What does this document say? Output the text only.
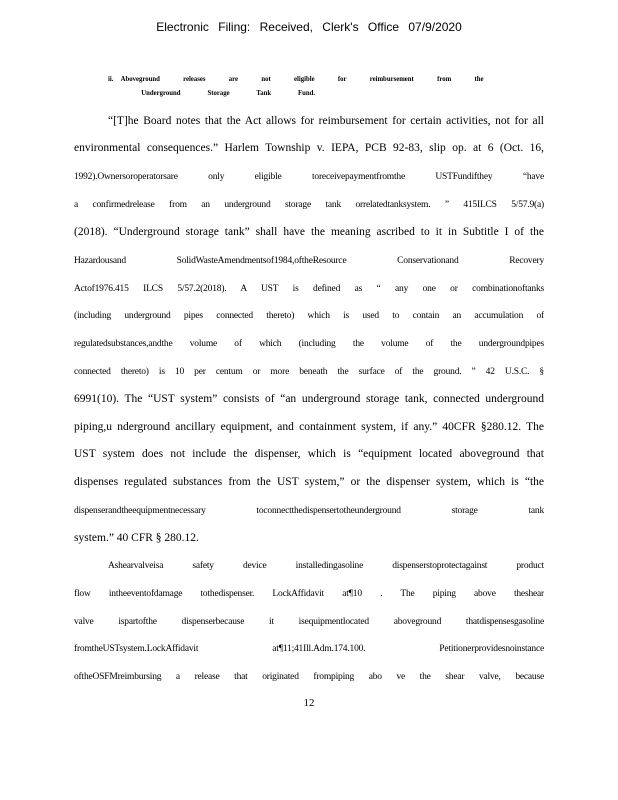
Electronic Filing: Received, Clerk's Office 07/9/2020
ii. Aboveground releases are not eligible for reimbursement from the
Underground Storage Tank Fund.
“[T]he Board notes that the Act allows for reimbursement for certain activities, not for all
environmental consequences.” Harlem Township v. IEPA, PCB 92-83, slip op. at 6 (Oct. 16,
1992).Ownersoroperatorsare only eligible toreceivepaymentfromthe USTFundifthey “have
a confirmedrelease from an underground storage tank orrelatedtanksystem. ” 415ILCS 5/57.9(a)
(2018). “Underground storage tank” shall have the meaning ascribed to it in Subtitle I of the
Hazardousand SolidWasteAmendmentsof1984,oftheResource Conservationand Recovery
Actof1976.415 ILCS 5/57.2(2018). A UST is defined as “ any one or combinationoftanks
(including underground pipes connected thereto) which is used to contain an accumulation of
regulatedsubstances,andthe volume of which (including the volume of the undergroundpipes
connected thereto) is 10 per centum or more beneath the surface of the ground. ” 42 U.S.C. §
6991(10). The “UST system” consists of “an underground storage tank, connected underground
piping,u nderground ancillary equipment, and containment system, if any.” 40CFR §280.12. The
UST system does not include the dispenser, which is “equipment located aboveground that
dispenses regulated substances from the UST system,” or the dispenser system, which is “the
dispenserandtheequipmentnecessary toconnectthedispensertotheunderground storage tank
system.” 40 CFR § 280.12.
Ashearvalveisa safety device installedingasoline dispenserstoprotectagainst product
flow intheeventofdamage tothedispenser. LockAffidavit at¶10 . The piping above theshear
valve ispartofthe dispenserbecause it isequipmentlocated aboveground thatdispensesgasoline
fromtheUSTsystem.LockAffidavit at¶11;41Ill.Adm.174.100. Petitionerprovidesnoinstance
oftheOSFMreimbursing a release that originated frompiping abo ve the shear valve, because
12
